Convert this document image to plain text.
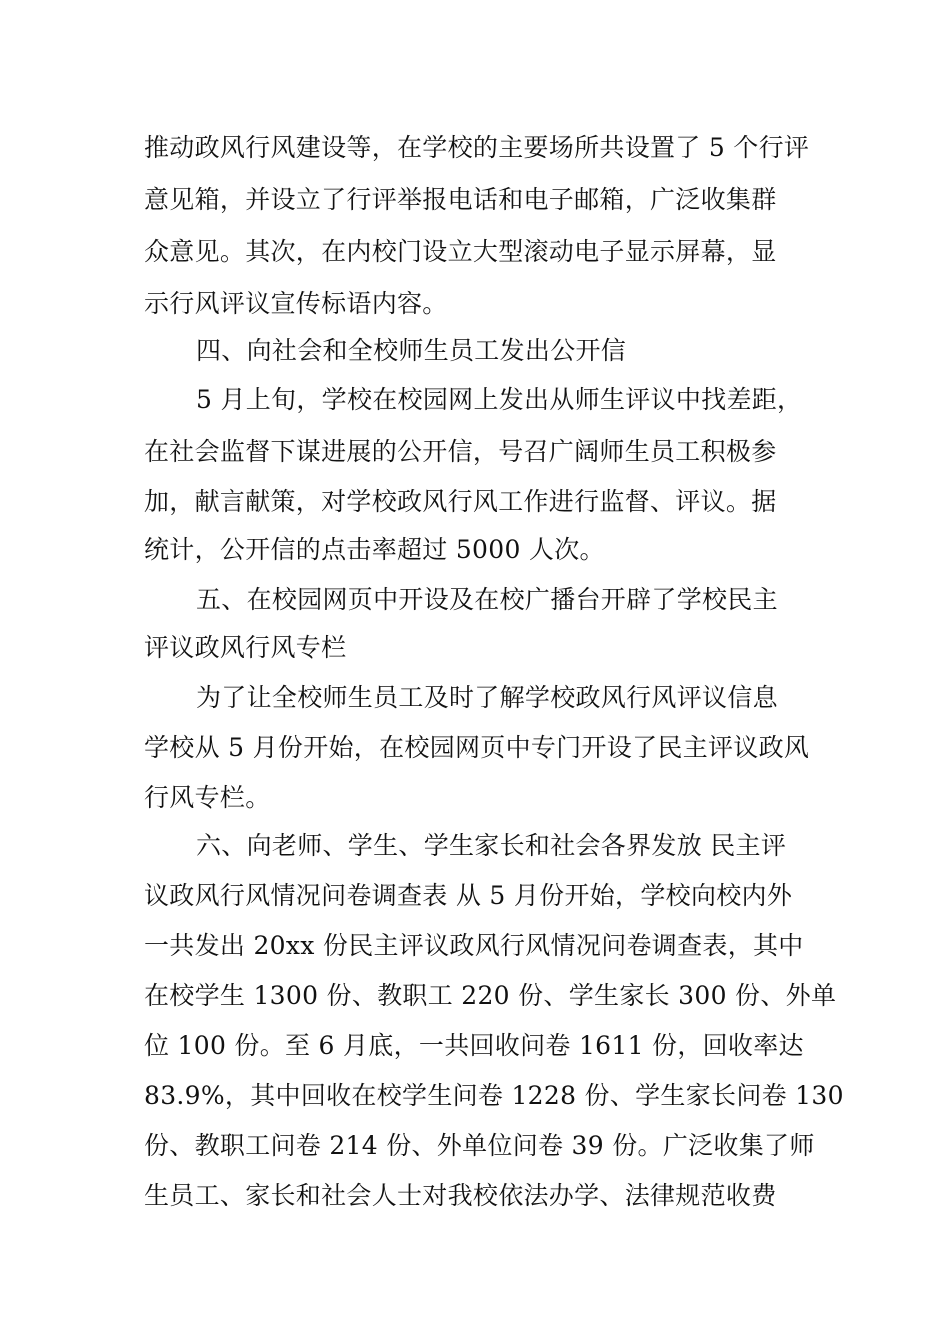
推动政风行风建设等，在学校的主要场所共设置了 5 个行评
意见箱，并设立了行评举报电话和电子邮箱，广泛收集群
众意见。其次，在内校门设立大型滚动电子显示屏幕，显
示行风评议宣传标语内容。
四、向社会和全校师生员工发出公开信
5 月上旬，学校在校园网上发出从师生评议中找差距，
在社会监督下谋进展的公开信，号召广阔师生员工积极参
加，献言献策，对学校政风行风工作进行监督、评议。据
统计，公开信的点击率超过 5000 人次。
五、在校园网页中开设及在校广播台开辟了学校民主
评议政风行风专栏
为了让全校师生员工及时了解学校政风行风评议信息
学校从 5 月份开始，在校园网页中专门开设了民主评议政风
行风专栏。
六、向老师、学生、学生家长和社会各界发放 民主评
议政风行风情况问卷调查表 从 5 月份开始，学校向校内外
一共发出 20xx 份民主评议政风行风情况问卷调查表，其中
在校学生 1300 份、教职工 220 份、学生家长 300 份、外单
位 100 份。至 6 月底，一共回收问卷 1611 份，回收率达
83.9%，其中回收在校学生问卷 1228 份、学生家长问卷 130
份、教职工问卷 214 份、外单位问卷 39 份。广泛收集了师
生员工、家长和社会人士对我校依法办学、法律规范收费
